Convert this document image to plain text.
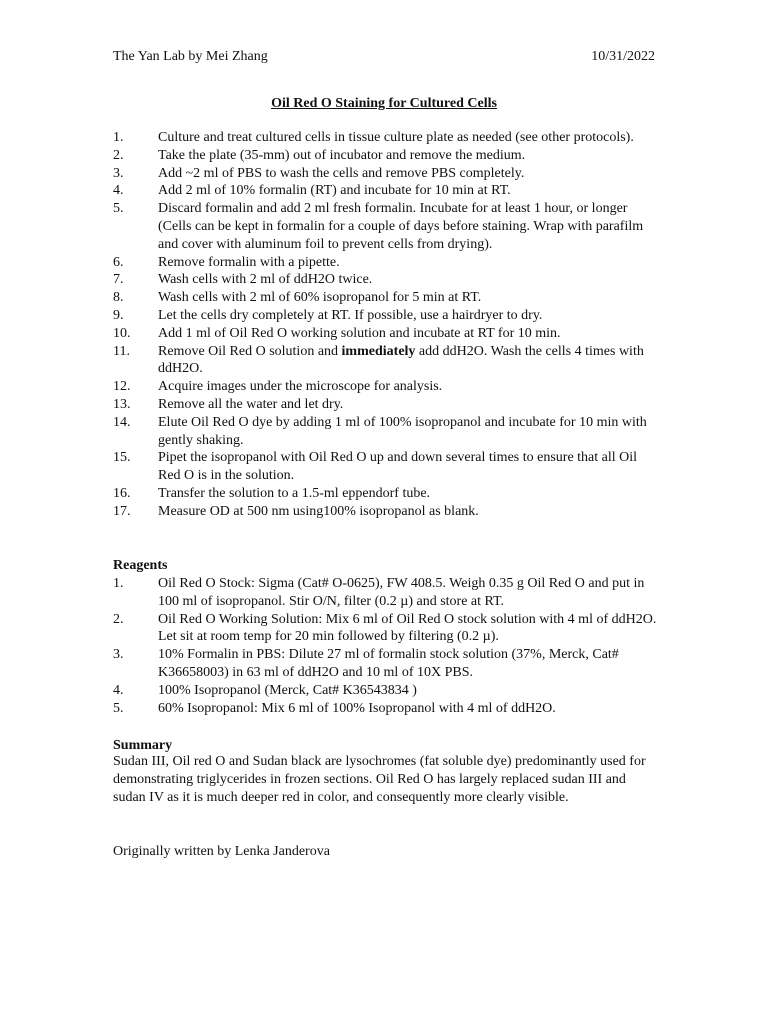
The Yan Lab by Mei Zhang	10/31/2022
Oil Red O Staining for Cultured Cells
1.	Culture and treat cultured cells in tissue culture plate as needed (see other protocols).
2.	Take the plate (35-mm) out of incubator and remove the medium.
3.	Add ~2 ml of PBS to wash the cells and remove PBS completely.
4.	Add 2 ml of 10% formalin (RT) and incubate for 10 min at RT.
5.	Discard formalin and add 2 ml fresh formalin. Incubate for at least 1 hour, or longer (Cells can be kept in formalin for a couple of days before staining. Wrap with parafilm and cover with aluminum foil to prevent cells from drying).
6.	Remove formalin with a pipette.
7.	Wash cells with 2 ml of ddH2O twice.
8.	Wash cells with 2 ml of 60% isopropanol for 5 min at RT.
9.	Let the cells dry completely at RT. If possible, use a hairdryer to dry.
10.	Add 1 ml of Oil Red O working solution and incubate at RT for 10 min.
11.	Remove Oil Red O solution and immediately add ddH2O. Wash the cells 4 times with ddH2O.
12.	Acquire images under the microscope for analysis.
13.	Remove all the water and let dry.
14.	Elute Oil Red O dye by adding 1 ml of 100% isopropanol and incubate for 10 min with gently shaking.
15.	Pipet the isopropanol with Oil Red O up and down several times to ensure that all Oil Red O is in the solution.
16.	Transfer the solution to a 1.5-ml eppendorf tube.
17.	Measure OD at 500 nm using100% isopropanol as blank.
Reagents
1.	Oil Red O Stock: Sigma (Cat# O-0625), FW 408.5. Weigh 0.35 g Oil Red O and put in 100 ml of isopropanol. Stir O/N, filter (0.2 µ) and store at RT.
2.	Oil Red O Working Solution: Mix 6 ml of Oil Red O stock solution with 4 ml of ddH2O. Let sit at room temp for 20 min followed by filtering (0.2 µ).
3.	10% Formalin in PBS: Dilute 27 ml of formalin stock solution (37%, Merck, Cat# K36658003) in 63 ml of ddH2O and 10 ml of 10X PBS.
4.	100% Isopropanol (Merck, Cat# K36543834 )
5.	60% Isopropanol: Mix 6 ml of 100% Isopropanol with 4 ml of ddH2O.
Summary
Sudan III, Oil red O and Sudan black are lysochromes (fat soluble dye) predominantly used for demonstrating triglycerides in frozen sections. Oil Red O has largely replaced sudan III and sudan IV as it is much deeper red in color, and consequently more clearly visible.
Originally written by Lenka Janderova
